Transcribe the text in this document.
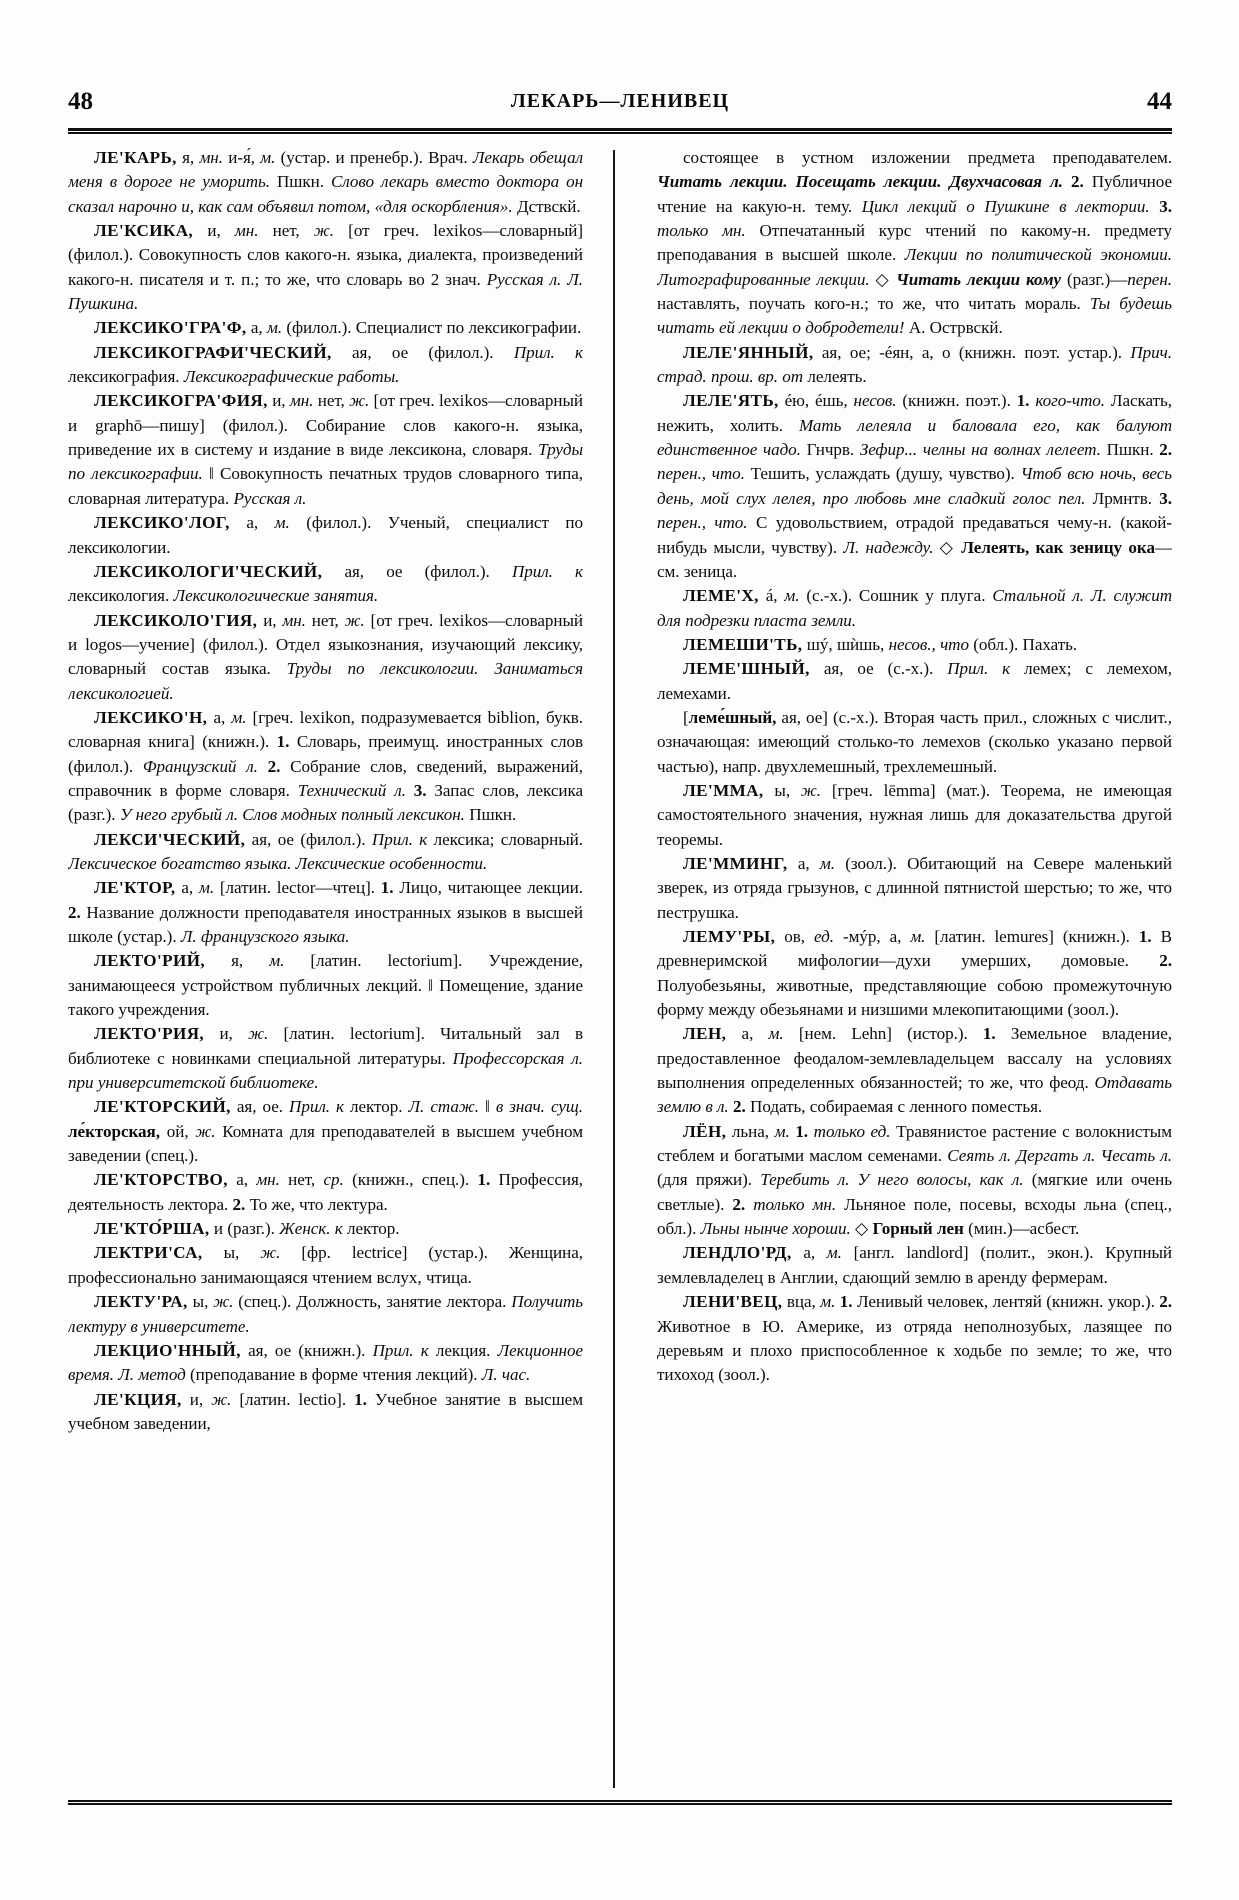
48	ЛЕКАРЬ—ЛЕНИВЕЦ	44

ЛЕ'КАРЬ, я, мн. и-я́, м. (устар. и пренебр.). Врач. Лекарь обещал меня в дороге не уморить. Пшкн. Слово лекарь вместо доктора он сказал нарочно и, как сам объявил потом, «для оскорбления». Дствскй.

ЛЕ'КСИКА, и, мн. нет, ж. [от греч. lexikos—словарный] (филол.). Совокупность слов какого-н. языка, диалекта, произведений какого-н. писателя и т. п.; то же, что словарь во 2 знач. Русская л. Л. Пушкина.

ЛЕКСИКО'ГРА'Ф, а, м. (филол.). Специалист по лексикографии.

ЛЕКСИКОГРАФИ'ЧЕСКИЙ, ая, ое (филол.). Прил. к лексикография. Лексикографические работы.

ЛЕКСИКОГРА'ФИЯ, и, мн. нет, ж. [от греч. lexikos—словарный и graphō—пишу] (филол.). Собирание слов какого-н. языка, приведение их в систему и издание в виде лексикона, словаря. Труды по лексикографии. ‖ Совокупность печатных трудов словарного типа, словарная литература. Русская л.

ЛЕКСИКО'ЛОГ, а, м. (филол.). Ученый, специалист по лексикологии.

ЛЕКСИКОЛОГИ'ЧЕСКИЙ, ая, ое (филол.). Прил. к лексикология. Лексикологические занятия.

ЛЕКСИКОЛО'ГИЯ, и, мн. нет, ж. [от греч. lexikos—словарный и logos—учение] (филол.). Отдел языкознания, изучающий лексику, словарный состав языка. Труды по лексикологии. Заниматься лексикологией.

ЛЕКСИКО'Н, а, м. [греч. lexikon, подразумевается biblion, букв. словарная книга] (книжн.). 1. Словарь, преимущ. иностранных слов (филол.). Французский л. 2. Собрание слов, сведений, выражений, справочник в форме словаря. Технический л. 3. Запас слов, лексика (разг.). У него грубый л. Слов модных полный лексикон. Пшкн.

ЛЕКСИ'ЧЕСКИЙ, ая, ое (филол.). Прил. к лексика; словарный. Лексическое богатство языка. Лексические особенности.

ЛЕ'КТОР, а, м. [латин. lector—чтец]. 1. Лицо, читающее лекции. 2. Название должности преподавателя иностранных языков в высшей школе (устар.). Л. французского языка.

ЛЕКТО'РИЙ, я, м. [латин. lectorium]. Учреждение, занимающееся устройством публичных лекций. ‖ Помещение, здание такого учреждения.

ЛЕКТО'РИЯ, и, ж. [латин. lectorium]. Читальный зал в библиотеке с новинками специальной литературы. Профессорская л. при университетской библиотеке.

ЛЕ'КТОРСКИЙ, ая, ое. Прил. к лектор. Л. стаж. ‖ в знач. сущ. ле́кторская, ой, ж. Комната для преподавателей в высшем учебном заведении (спец.).

ЛЕ'КТОРСТВО, а, мн. нет, ср. (книжн., спец.). 1. Профессия, деятельность лектора. 2. То же, что лектура.

ЛЕ'КТО́РША, и (разг.). Женск. к лектор.

ЛЕКТРИ'СА, ы, ж. [фр. lectrice] (устар.). Женщина, профессионально занимающаяся чтением вслух, чтица.

ЛЕКТУ'РА, ы, ж. (спец.). Должность, занятие лектора. Получить лектуру в университете.

ЛЕКЦИО'ННЫЙ, ая, ое (книжн.). Прил. к лекция. Лекционное время. Л. метод (преподавание в форме чтения лекций). Л. час.

ЛЕ'КЦИЯ, и, ж. [латин. lectio]. 1. Учебное занятие в высшем учебном заведении,

состоящее в устном изложении предмета преподавателем. Читать лекции. Посещать лекции. Двухчасовая л. 2. Публичное чтение на какую-н. тему. Цикл лекций о Пушкине в лектории. 3. только мн. Отпечатанный курс чтений по какому-н. предмету преподавания в высшей школе. Лекции по политической экономии. Литографированные лекции. ◇ Читать лекции кому (разг.)—перен. наставлять, поучать кого-н.; то же, что читать мораль. Ты будешь читать ей лекции о добродетели! А. Острвскй.

ЛЕЛЕ'ЯННЫЙ, ая, ое; -éян, а, о (книжн. поэт. устар.). Прич. страд. прош. вр. от лелеять.

ЛЕЛЕ'ЯТЬ, éю, éшь, несов. (книжн. поэт.). 1. кого-что. Ласкать, нежить, холить. Мать лелеяла и баловала его, как балуют единственное чадо. Гнчрв. Зефир... челны на волнах лелеет. Пшкн. 2. перен., что. Тешить, услаждать (душу, чувство). Чтоб всю ночь, весь день, мой слух лелея, про любовь мне сладкий голос пел. Лрмнтв. 3. перен., что. С удовольствием, отрадой предаваться чему-н. (какой-нибудь мысли, чувству). Л. надежду. ◇ Лелеять, как зеницу ока—см. зеница.

ЛЕМЕ'Х, á, м. (с.-х.). Сошник у плуга. Стальной л. Л. служит для подрезки пласта земли.

ЛЕМЕШИ'ТЬ, шý, шѝшь, несов., что (обл.). Пахать.

ЛЕМЕ'ШНЫЙ, ая, ое (с.-х.). Прил. к лемех; с лемехом, лемехами.

[леме́шный, ая, ое] (с.-х.). Вторая часть прил., сложных с числит., означающая: имеющий столько-то лемехов (сколько указано первой частью), напр. двухлемешный, трехлемешный.

ЛЕ'ММА, ы, ж. [греч. lēmma] (мат.). Теорема, не имеющая самостоятельного значения, нужная лишь для доказательства другой теоремы.

ЛЕ'ММИНГ, а, м. (зоол.). Обитающий на Севере маленький зверек, из отряда грызунов, с длинной пятнистой шерстью; то же, что пеструшка.

ЛЕМУ'РЫ, ов, ед. -мýр, а, м. [латин. lemures] (книжн.). 1. В древнеримской мифологии—духи умерших, домовые. 2. Полуобезьяны, животные, представляющие собою промежуточную форму между обезьянами и низшими млекопитающими (зоол.).

ЛЕН, а, м. [нем. Lehn] (истор.). 1. Земельное владение, предоставленное феодалом-землевладельцем вассалу на условиях выполнения определенных обязанностей; то же, что феод. Отдавать землю в л. 2. Подать, собираемая с ленного поместья.

ЛЁН, льна, м. 1. только ед. Травянистое растение с волокнистым стеблем и богатыми маслом семенами. Сеять л. Дергать л. Чесать л. (для пряжи). Теребить л. У него волосы, как л. (мягкие или очень светлые). 2. только мн. Льняное поле, посевы, всходы льна (спец., обл.). Льны нынче хороши. ◇ Горный лен (мин.)—асбест.

ЛЕНДЛО'РД, а, м. [англ. landlord] (полит., экон.). Крупный землевладелец в Англии, сдающий землю в аренду фермерам.

ЛЕНИ'ВЕЦ, вца, м. 1. Ленивый человек, лентяй (книжн. укор.). 2. Животное в Ю. Америке, из отряда неполнозубых, лазящее по деревьям и плохо приспособленное к ходьбе по земле; то же, что тихоход (зоол.).
